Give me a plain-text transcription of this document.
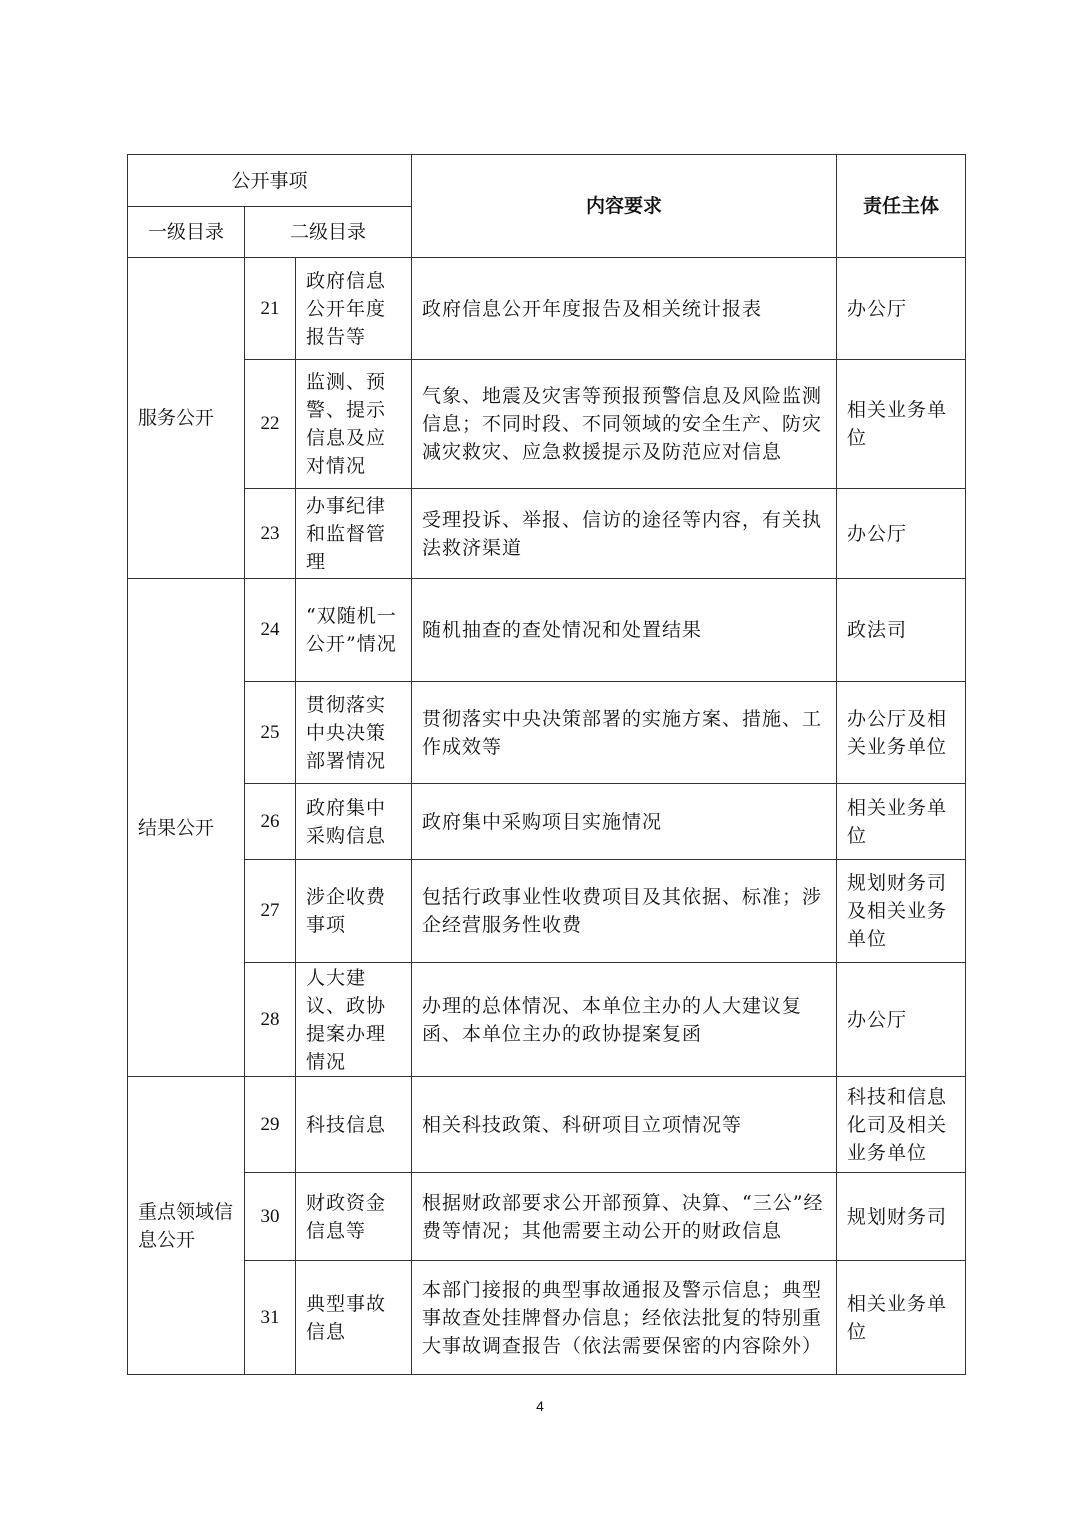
公开事项			内容要求	责任主体
一级目录	二级目录			
服务公开	21	政府信息公开年度报告等	政府信息公开年度报告及相关统计报表	办公厅
	22	监测、预警、提示信息及应对情况	气象、地震及灾害等预报预警信息及风险监测信息；不同时段、不同领域的安全生产、防灾减灾救灾、应急救援提示及防范应对信息	相关业务单位
	23	办事纪律和监督管理	受理投诉、举报、信访的途径等内容，有关执法救济渠道	办公厅
结果公开	24	“双随机一公开”情况	随机抽查的查处情况和处置结果	政法司
	25	贯彻落实中央决策部署情况	贯彻落实中央决策部署的实施方案、措施、工作成效等	办公厅及相关业务单位
	26	政府集中采购信息	政府集中采购项目实施情况	相关业务单位
	27	涉企收费事项	包括行政事业性收费项目及其依据、标准；涉企经营服务性收费	规划财务司及相关业务单位
	28	人大建议、政协提案办理情况	办理的总体情况、本单位主办的人大建议复函、本单位主办的政协提案复函	办公厅
重点领域信息公开	29	科技信息	相关科技政策、科研项目立项情况等	科技和信息化司及相关业务单位
	30	财政资金信息等	根据财政部要求公开部预算、决算、“三公”经费等情况；其他需要主动公开的财政信息	规划财务司
	31	典型事故信息	本部门接报的典型事故通报及警示信息；典型事故查处挂牌督办信息；经依法批复的特别重大事故调查报告（依法需要保密的内容除外）	相关业务单位
4
